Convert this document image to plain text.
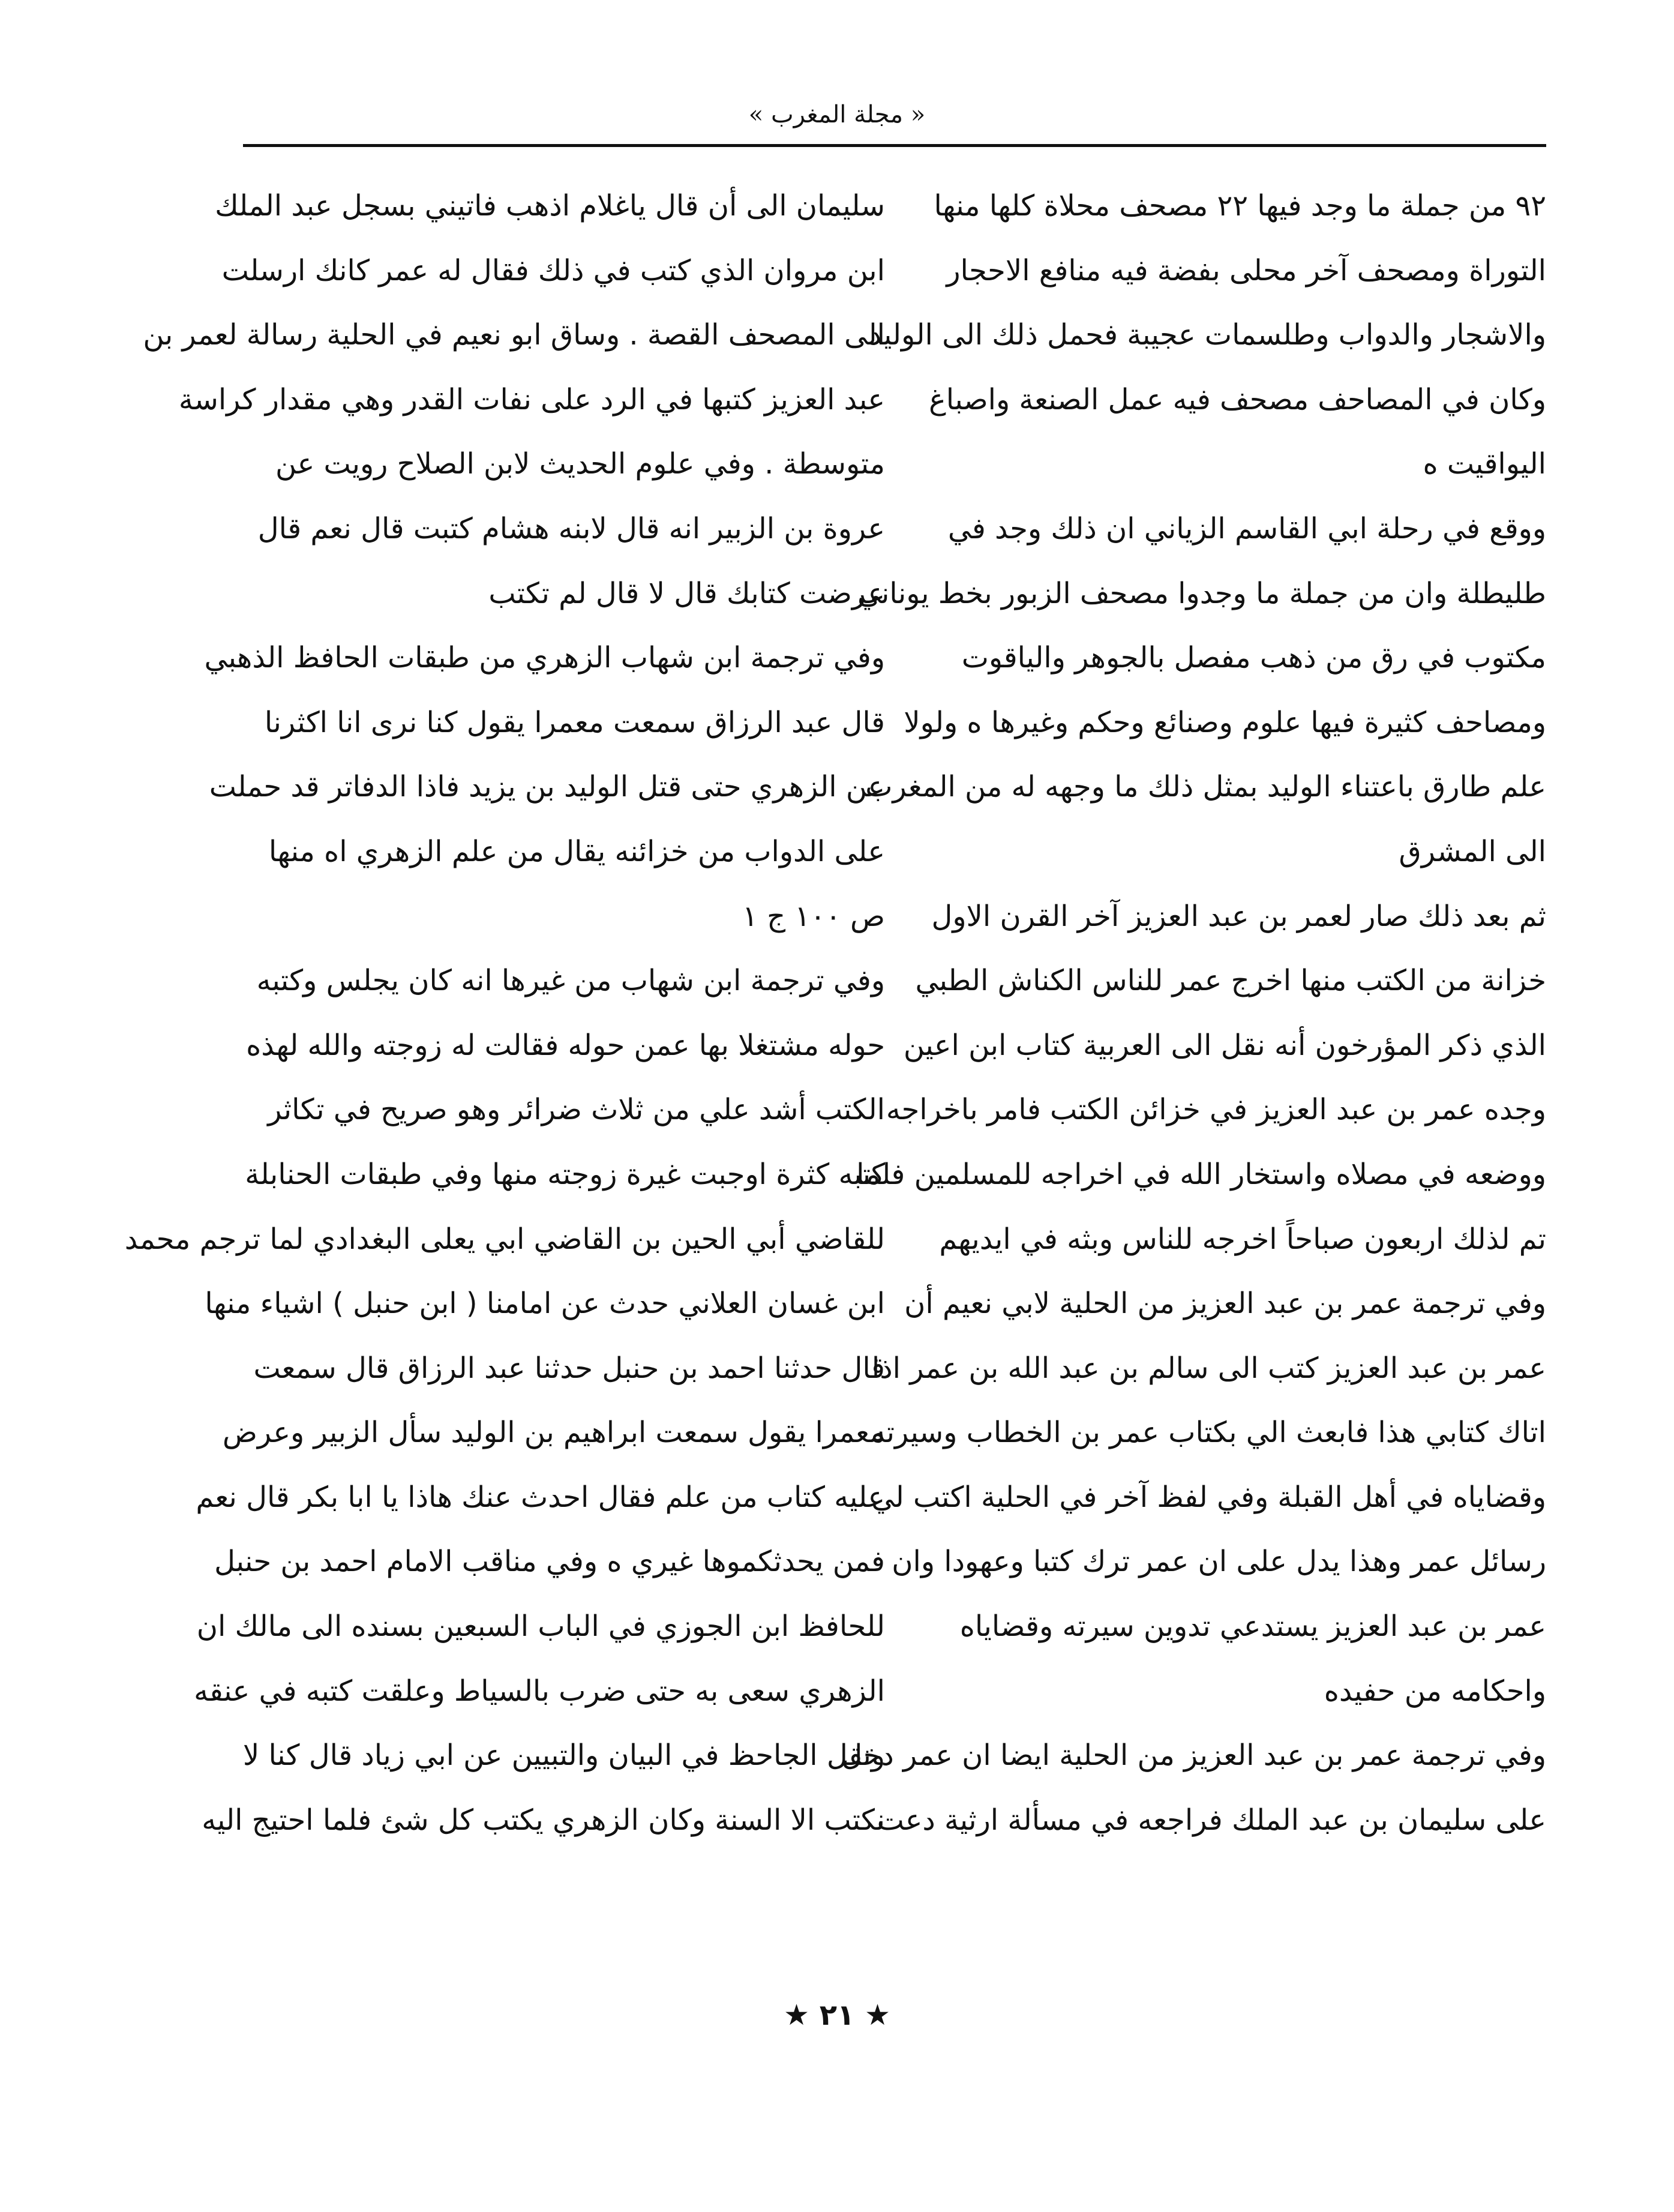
« مجلة المغرب »
٩٢ من جملة ما وجد فيها ٢٢ مصحف محلاة كلها منها
التوراة ومصحف آخر محلى بفضة فيه منافع الاحجار
والاشجار والدواب وطلسمات عجيبة فحمل ذلك الى الوليد
وكان في المصاحف مصحف فيه عمل الصنعة واصباغ
اليواقيت ه
ووقع في رحلة ابي القاسم الزياني ان ذلك وجد في
طليطلة وان من جملة ما وجدوا مصحف الزبور بخط يوناني
مكتوب في رق من ذهب مفصل بالجوهر والياقوت
ومصاحف كثيرة فيها علوم وصنائع وحكم وغيرها ه ولولا
علم طارق باعتناء الوليد بمثل ذلك ما وجهه له من المغرب
الى المشرق
ثم بعد ذلك صار لعمر بن عبد العزيز آخر القرن الاول
خزانة من الكتب منها اخرج عمر للناس الكناش الطبي
الذي ذكر المؤرخون أنه نقل الى العربية كتاب ابن اعين
وجده عمر بن عبد العزيز في خزائن الكتب فامر باخراجه
ووضعه في مصلاه واستخار الله في اخراجه للمسلمين فلما
تم لذلك اربعون صباحاً اخرجه للناس وبثه في ايديهم
وفي ترجمة عمر بن عبد العزيز من الحلية لابي نعيم أن
عمر بن عبد العزيز كتب الى سالم بن عبد الله بن عمر اذا
اتاك كتابي هذا فابعث الي بكتاب عمر بن الخطاب وسيرته
وقضاياه في أهل القبلة وفي لفظ آخر في الحلية اكتب لي
رسائل عمر وهذا يدل على ان عمر ترك كتبا وعهودا وان
عمر بن عبد العزيز يستدعي تدوين سيرته وقضاياه
واحكامه من حفيده
وفي ترجمة عمر بن عبد العزيز من الحلية ايضا ان عمر دخل
على سليمان بن عبد الملك فراجعه في مسألة ارثية دعت
سليمان الى أن قال ياغلام اذهب فاتيني بسجل عبد الملك
ابن مروان الذي كتب في ذلك فقال له عمر كانك ارسلت
الى المصحف القصة . وساق ابو نعيم في الحلية رسالة لعمر بن
عبد العزيز كتبها في الرد على نفات القدر وهي مقدار كراسة
متوسطة . وفي علوم الحديث لابن الصلاح رويت عن
عروة بن الزبير انه قال لابنه هشام كتبت قال نعم قال
عرضت كتابك قال لا قال لم تكتب
وفي ترجمة ابن شهاب الزهري من طبقات الحافظ الذهبي
قال عبد الرزاق سمعت معمرا يقول كنا نرى انا اكثرنا
عن الزهري حتى قتل الوليد بن يزيد فاذا الدفاتر قد حملت
على الدواب من خزائنه يقال من علم الزهري اه منها
ص ١٠٠ ج ١
وفي ترجمة ابن شهاب من غيرها انه كان يجلس وكتبه
حوله مشتغلا بها عمن حوله فقالت له زوجته والله لهذه
الكتب أشد علي من ثلاث ضرائر وهو صريح في تكاثر
كتبه كثرة اوجبت غيرة زوجته منها وفي طبقات الحنابلة
للقاضي أبي الحين بن القاضي ابي يعلى البغدادي لما ترجم محمد
ابن غسان العلاني حدث عن امامنا ( ابن حنبل ) اشياء منها
قال حدثنا احمد بن حنبل حدثنا عبد الرزاق قال سمعت
معمرا يقول سمعت ابراهيم بن الوليد سأل الزبير وعرض
عليه كتاب من علم فقال احدث عنك هاذا يا ابا بكر قال نعم
فمن يحدثكموها غيري ه وفي مناقب الامام احمد بن حنبل
للحافظ ابن الجوزي في الباب السبعين بسنده الى مالك ان
الزهري سعى به حتى ضرب بالسياط وعلقت كتبه في عنقه
ونقل الجاحظ في البيان والتبيين عن ابي زياد قال كنا لا
نكتب الا السنة وكان الزهري يكتب كل شئ فلما احتيج اليه
★ ٢١ ★
